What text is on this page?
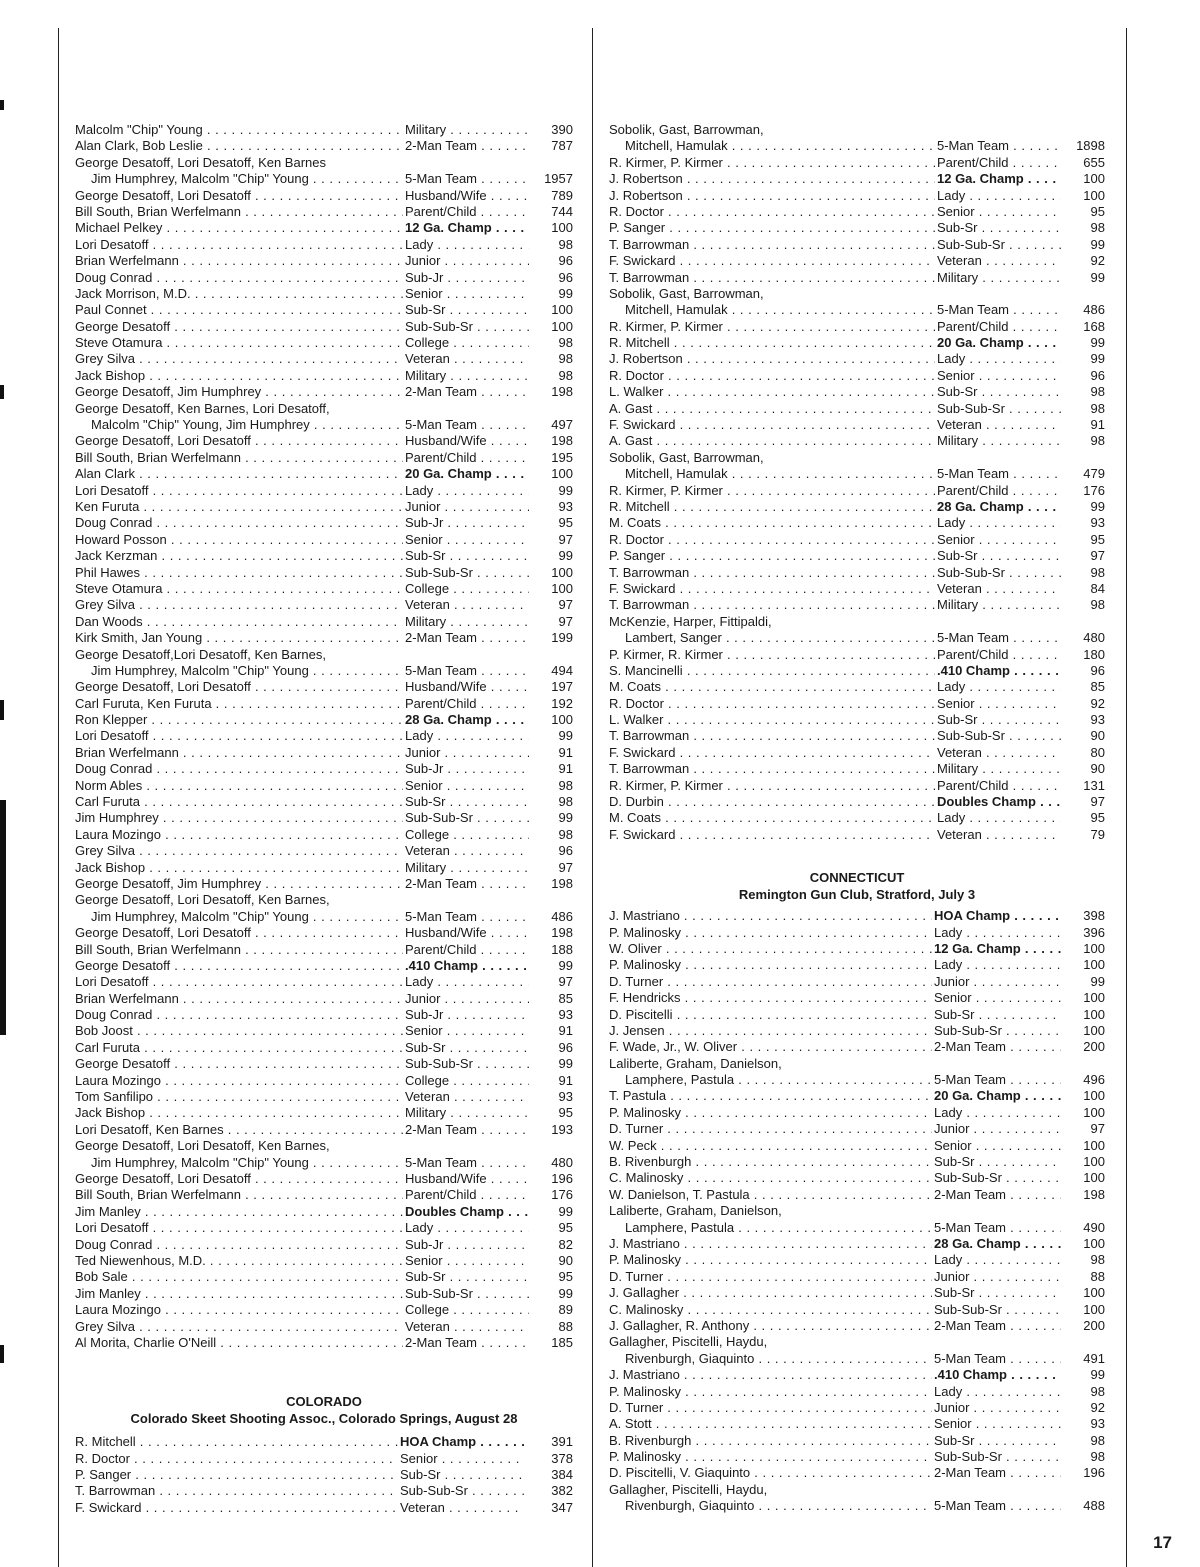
Malcolm "Chip" Young . . .	Military . . .	390
Alan Clark, Bob Leslie . . .	2-Man Team . . .	787
George Desatoff, Lori Desatoff, Ken Barnes
Jim Humphrey, Malcolm "Chip" Young . . .	5-Man Team . . .	1957
George Desatoff, Lori Desatoff . . .	Husband/Wife . . .	789
Bill South, Brian Werfelmann . . .	Parent/Child . . .	744
Michael Pelkey . . .	12 Ga. Champ . . .	100
Lori Desatoff . . .	Lady . . .	98
Brian Werfelmann . . .	Junior . . .	96
Doug Conrad . . .	Sub-Jr . . .	96
Jack Morrison, M.D. . . .	Senior . . .	99
Paul Connet . . .	Sub-Sr . . .	100
George Desatoff . . .	Sub-Sub-Sr . . .	100
Steve Otamura . . .	College . . .	98
Grey Silva . . .	Veteran . . .	98
Jack Bishop . . .	Military . . .	98
George Desatoff, Jim Humphrey . . .	2-Man Team . . .	198
George Desatoff, Ken Barnes, Lori Desatoff,
Malcolm "Chip" Young, Jim Humphrey . . .	5-Man Team . . .	497
George Desatoff, Lori Desatoff . . .	Husband/Wife . . .	198
Bill South, Brian Werfelmann . . .	Parent/Child . . .	195
Alan Clark . . .	20 Ga. Champ . . .	100
Lori Desatoff . . .	Lady . . .	99
Ken Furuta . . .	Junior . . .	93
Doug Conrad . . .	Sub-Jr . . .	95
Howard Posson . . .	Senior . . .	97
Jack Kerzman . . .	Sub-Sr . . .	99
Phil Hawes . . .	Sub-Sub-Sr . . .	100
Steve Otamura . . .	College . . .	100
Grey Silva . . .	Veteran . . .	97
Dan Woods . . .	Military . . .	97
Kirk Smith, Jan Young . . .	2-Man Team . . .	199
George Desatoff,Lori Desatoff, Ken Barnes,
Jim Humphrey, Malcolm "Chip" Young . . .	5-Man Team . . .	494
George Desatoff, Lori Desatoff . . .	Husband/Wife . . .	197
Carl Furuta, Ken Furuta . . .	Parent/Child . . .	192
Ron Klepper . . .	28 Ga. Champ . . .	100
Lori Desatoff . . .	Lady . . .	99
Brian Werfelmann . . .	Junior . . .	91
Doug Conrad . . .	Sub-Jr . . .	91
Norm Ables . . .	Senior . . .	98
Carl Furuta . . .	Sub-Sr . . .	98
Jim Humphrey . . .	Sub-Sub-Sr . . .	99
Laura Mozingo . . .	College . . .	98
Grey Silva . . .	Veteran . . .	96
Jack Bishop . . .	Military . . .	97
George Desatoff, Jim Humphrey . . .	2-Man Team . . .	198
George Desatoff, Lori Desatoff, Ken Barnes,
Jim Humphrey, Malcolm "Chip" Young . . .	5-Man Team . . .	486
George Desatoff, Lori Desatoff . . .	Husband/Wife . . .	198
Bill South, Brian Werfelmann . . .	Parent/Child . . .	188
George Desatoff . . .	.410 Champ . . .	99
Lori Desatoff . . .	Lady . . .	97
Brian Werfelmann . . .	Junior . . .	85
Doug Conrad . . .	Sub-Jr . . .	93
Bob Joost . . .	Senior . . .	91
Carl Furuta . . .	Sub-Sr . . .	96
George Desatoff . . .	Sub-Sub-Sr . . .	99
Laura Mozingo . . .	College . . .	91
Tom Sanfilipo . . .	Veteran . . .	93
Jack Bishop . . .	Military . . .	95
Lori Desatoff, Ken Barnes . . .	2-Man Team . . .	193
George Desatoff, Lori Desatoff, Ken Barnes,
Jim Humphrey, Malcolm "Chip" Young . . .	5-Man Team . . .	480
George Desatoff, Lori Desatoff . . .	Husband/Wife . . .	196
Bill South, Brian Werfelmann . . .	Parent/Child . . .	176
Jim Manley . . .	Doubles Champ . . .	99
Lori Desatoff . . .	Lady . . .	95
Doug Conrad . . .	Sub-Jr . . .	82
Ted Niewenhous, M.D. . . .	Senior . . .	90
Bob Sale . . .	Sub-Sr . . .	95
Jim Manley . . .	Sub-Sub-Sr . . .	99
Laura Mozingo . . .	College . . .	89
Grey Silva . . .	Veteran . . .	88
Al Morita, Charlie O'Neill . . .	2-Man Team . . .	185
COLORADO
Colorado Skeet Shooting Assoc., Colorado Springs, August 28
R. Mitchell . . .	HOA Champ . . .	391
R. Doctor . . .	Senior . . .	378
P. Sanger . . .	Sub-Sr . . .	384
T. Barrowman . . .	Sub-Sub-Sr . . .	382
F. Swickard . . .	Veteran . . .	347
Sobolik, Gast, Barrowman,
Mitchell, Hamulak . . .	5-Man Team . . .	1898
R. Kirmer, P. Kirmer . . .	Parent/Child . . .	655
J. Robertson . . .	12 Ga. Champ . . .	100
J. Robertson . . .	Lady . . .	100
R. Doctor . . .	Senior . . .	95
P. Sanger . . .	Sub-Sr . . .	98
T. Barrowman . . .	Sub-Sub-Sr . . .	99
F. Swickard . . .	Veteran . . .	92
T. Barrowman . . .	Military . . .	99
Sobolik, Gast, Barrowman,
Mitchell, Hamulak . . .	5-Man Team . . .	486
R. Kirmer, P. Kirmer . . .	Parent/Child . . .	168
R. Mitchell . . .	20 Ga. Champ . . .	99
J. Robertson . . .	Lady . . .	99
R. Doctor . . .	Senior . . .	96
L. Walker . . .	Sub-Sr . . .	98
A. Gast . . .	Sub-Sub-Sr . . .	98
F. Swickard . . .	Veteran . . .	91
A. Gast . . .	Military . . .	98
Sobolik, Gast, Barrowman,
Mitchell, Hamulak . . .	5-Man Team . . .	479
R. Kirmer, P. Kirmer . . .	Parent/Child . . .	176
R. Mitchell . . .	28 Ga. Champ . . .	99
M. Coats . . .	Lady . . .	93
R. Doctor . . .	Senior . . .	95
P. Sanger . . .	Sub-Sr . . .	97
T. Barrowman . . .	Sub-Sub-Sr . . .	98
F. Swickard . . .	Veteran . . .	84
T. Barrowman . . .	Military . . .	98
McKenzie, Harper, Fittipaldi,
Lambert, Sanger . . .	5-Man Team . . .	480
P. Kirmer, R. Kirmer . . .	Parent/Child . . .	180
S. Mancinelli . . .	.410 Champ . . .	96
M. Coats . . .	Lady . . .	85
R. Doctor . . .	Senior . . .	92
L. Walker . . .	Sub-Sr . . .	93
T. Barrowman . . .	Sub-Sub-Sr . . .	90
F. Swickard . . .	Veteran . . .	80
T. Barrowman . . .	Military . . .	90
R. Kirmer, P. Kirmer . . .	Parent/Child . . .	131
D. Durbin . . .	Doubles Champ . . .	97
M. Coats . . .	Lady . . .	95
F. Swickard . . .	Veteran . . .	79
CONNECTICUT
Remington Gun Club, Stratford, July 3
J. Mastriano . . .	HOA Champ . . .	398
P. Malinosky . . .	Lady . . .	396
W. Oliver . . .	12 Ga. Champ . . .	100
P. Malinosky . . .	Lady . . .	100
D. Turner . . .	Junior . . .	99
F. Hendricks . . .	Senior . . .	100
D. Piscitelli . . .	Sub-Sr . . .	100
J. Jensen . . .	Sub-Sub-Sr . . .	100
F. Wade, Jr., W. Oliver . . .	2-Man Team . . .	200
Laliberte, Graham, Danielson,
Lamphere, Pastula . . .	5-Man Team . . .	496
T. Pastula . . .	20 Ga. Champ . . .	100
P. Malinosky . . .	Lady . . .	100
D. Turner . . .	Junior . . .	97
W. Peck . . .	Senior . . .	100
B. Rivenburgh . . .	Sub-Sr . . .	100
C. Malinosky . . .	Sub-Sub-Sr . . .	100
W. Danielson, T. Pastula . . .	2-Man Team . . .	198
Laliberte, Graham, Danielson,
Lamphere, Pastula . . .	5-Man Team . . .	490
J. Mastriano . . .	28 Ga. Champ . . .	100
P. Malinosky . . .	Lady . . .	98
D. Turner . . .	Junior . . .	88
J. Gallagher . . .	Sub-Sr . . .	100
C. Malinosky . . .	Sub-Sub-Sr . . .	100
J. Gallagher, R. Anthony . . .	2-Man Team . . .	200
Gallagher, Piscitelli, Haydu,
Rivenburgh, Giaquinto . . .	5-Man Team . . .	491
J. Mastriano . . .	.410 Champ . . .	99
P. Malinosky . . .	Lady . . .	98
D. Turner . . .	Junior . . .	92
A. Stott . . .	Senior . . .	93
B. Rivenburgh . . .	Sub-Sr . . .	98
P. Malinosky . . .	Sub-Sub-Sr . . .	98
D. Piscitelli, V. Giaquinto . . .	2-Man Team . . .	196
Gallagher, Piscitelli, Haydu,
Rivenburgh, Giaquinto . . .	5-Man Team . . .	488
17
